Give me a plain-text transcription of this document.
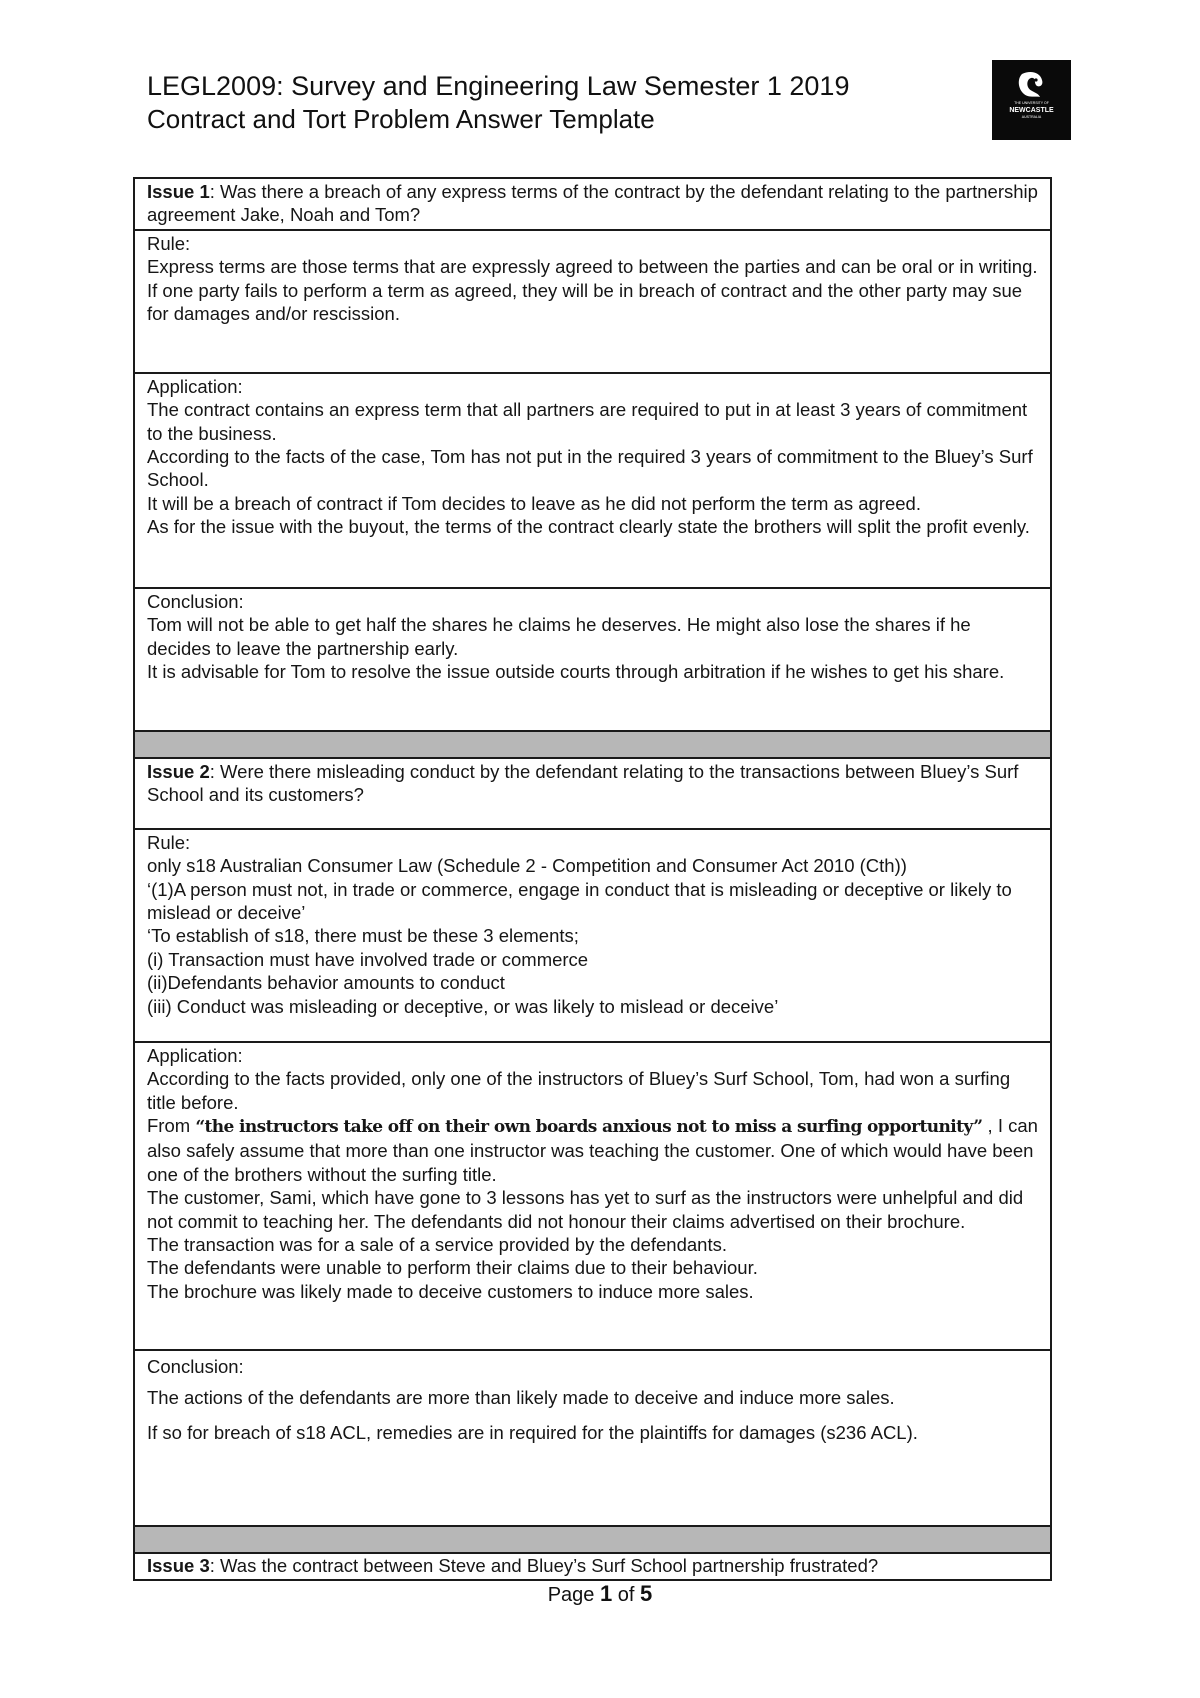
LEGL2009: Survey and Engineering Law Semester 1 2019
Contract and Tort Problem Answer Template
THE UNIVERSITY OF
NEWCASTLE
AUSTRALIA

Issue 1: Was there a breach of any express terms of the contract by the defendant relating to the partnership agreement Jake, Noah and Tom?

Rule:

Express terms are those terms that are expressly agreed to between the parties and can be oral or in writing.

If one party fails to perform a term as agreed, they will be in breach of contract and the other party may sue for damages and/or rescission.

Application:

The contract contains an express term that all partners are required to put in at least 3 years of commitment to the business.

According to the facts of the case, Tom has not put in the required 3 years of commitment to the Bluey’s Surf School.

It will be a breach of contract if Tom decides to leave as he did not perform the term as agreed.

As for the issue with the buyout, the terms of the contract clearly state the brothers will split the profit evenly.

Conclusion:

Tom will not be able to get half the shares he claims he deserves. He might also lose the shares if he decides to leave the partnership early.

It is advisable for Tom to resolve the issue outside courts through arbitration if he wishes to get his share.

Issue 2: Were there misleading conduct by the defendant relating to the transactions between Bluey’s Surf School and its customers?

Rule:

only s18 Australian Consumer Law (Schedule 2 - Competition and Consumer Act 2010 (Cth))

‘(1)A person must not, in trade or commerce, engage in conduct that is misleading or deceptive or likely to mislead or deceive’

‘To establish of s18, there must be these 3 elements;

(i) Transaction must have involved trade or commerce

(ii)Defendants behavior amounts to conduct

(iii) Conduct was misleading or deceptive, or was likely to mislead or deceive’

Application:

According to the facts provided, only one of the instructors of Bluey’s Surf School, Tom, had won a surfing title before.

From “the instructors take off on their own boards anxious not to miss a surfing opportunity” , I can also safely assume that more than one instructor was teaching the customer. One of which would have been one of the brothers without the surfing title.

The customer, Sami, which have gone to 3 lessons has yet to surf as the instructors were unhelpful and did not commit to teaching her. The defendants did not honour their claims advertised on their brochure.

The transaction was for a sale of a service provided by the defendants.

The defendants were unable to perform their claims due to their behaviour.

The brochure was likely made to deceive customers to induce more sales.

Conclusion:

The actions of the defendants are more than likely made to deceive and induce more sales.

If so for breach of s18 ACL, remedies are in required for the plaintiffs for damages (s236 ACL).

Issue 3: Was the contract between Steve and Bluey’s Surf School partnership frustrated?

Page 1 of 5
